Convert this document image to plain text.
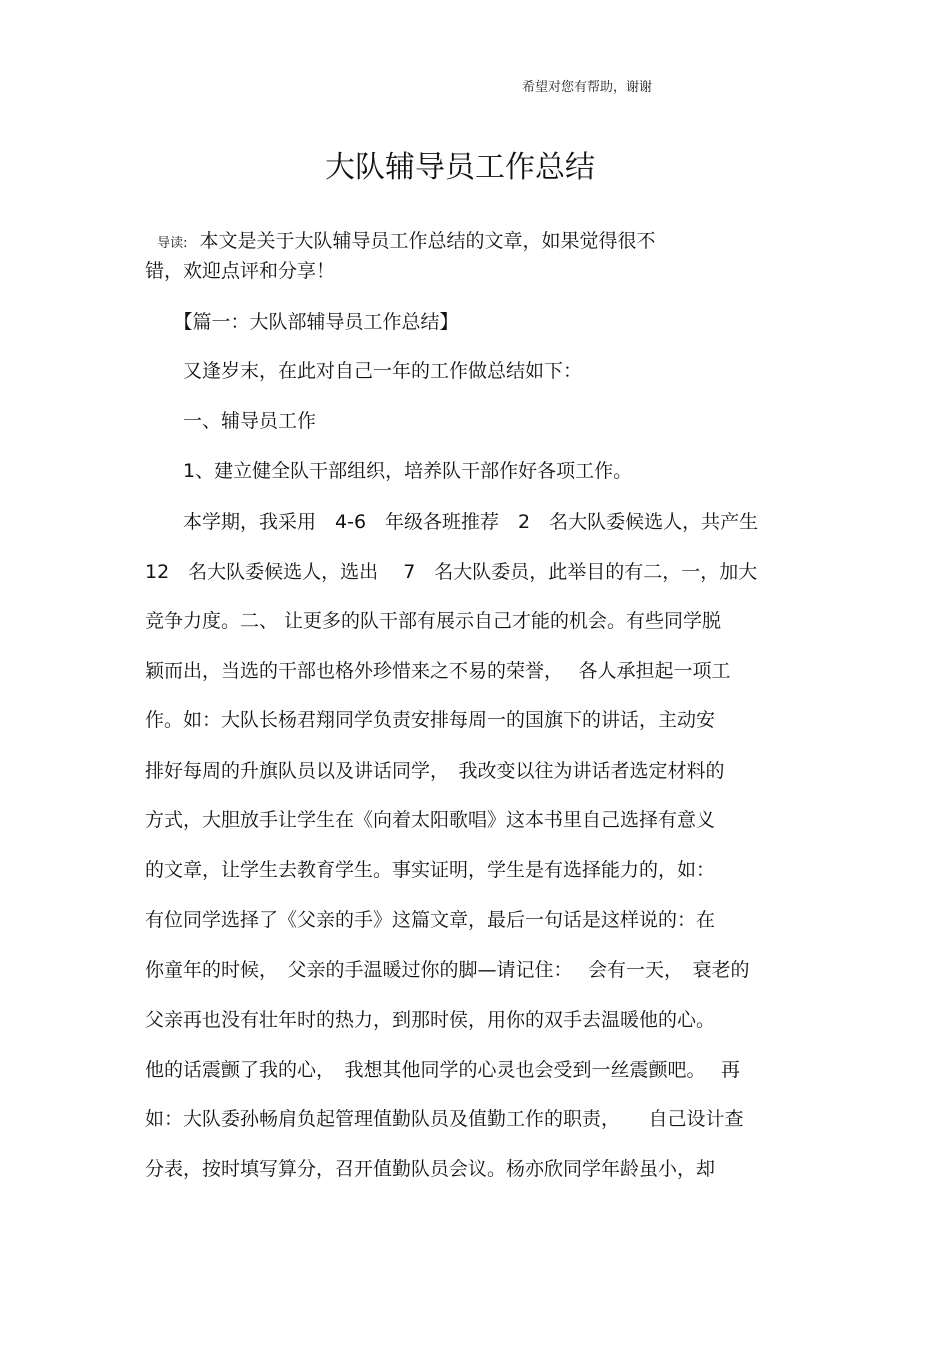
希望对您有帮助，谢谢
大队辅导员工作总结

导读: 本文是关于大队辅导员工作总结的文章，如果觉得很不

错，欢迎点评和分享！
　　【篇一：大队部辅导员工作总结】
　　又逢岁末，在此对自己一年的工作做总结如下：
　　一、辅导员工作
　　1、建立健全队干部组织，培养队干部作好各项工作。
　　本学期，我采用　4-6　年级各班推荐　2　名大队委候选人，共产生
12　名大队委候选人，选出　 7　名大队委员，此举目的有二，一，加大
竞争力度。二、 让更多的队干部有展示自己才能的机会。有些同学脱
颖而出，当选的干部也格外珍惜来之不易的荣誉，　 各人承担起一项工
作。如：大队长杨君翔同学负责安排每周一的国旗下的讲话，主动安
排好每周的升旗队员以及讲话同学，　我改变以往为讲话者选定材料的
方式，大胆放手让学生在《向着太阳歌唱》这本书里自己选择有意义
的文章，让学生去教育学生。事实证明，学生是有选择能力的，如：
有位同学选择了《父亲的手》这篇文章，最后一句话是这样说的：在
你童年的时候，　父亲的手温暖过你的脚—请记住：　 会有一天，　衰老的
父亲再也没有壮年时的热力，到那时侯，用你的双手去温暖他的心。
他的话震颤了我的心，　我想其他同学的心灵也会受到一丝震颤吧。　 再
如：大队委孙畅肩负起管理值勤队员及值勤工作的职责，　　自己设计查
分表，按时填写算分，召开值勤队员会议。杨亦欣同学年龄虽小，却
